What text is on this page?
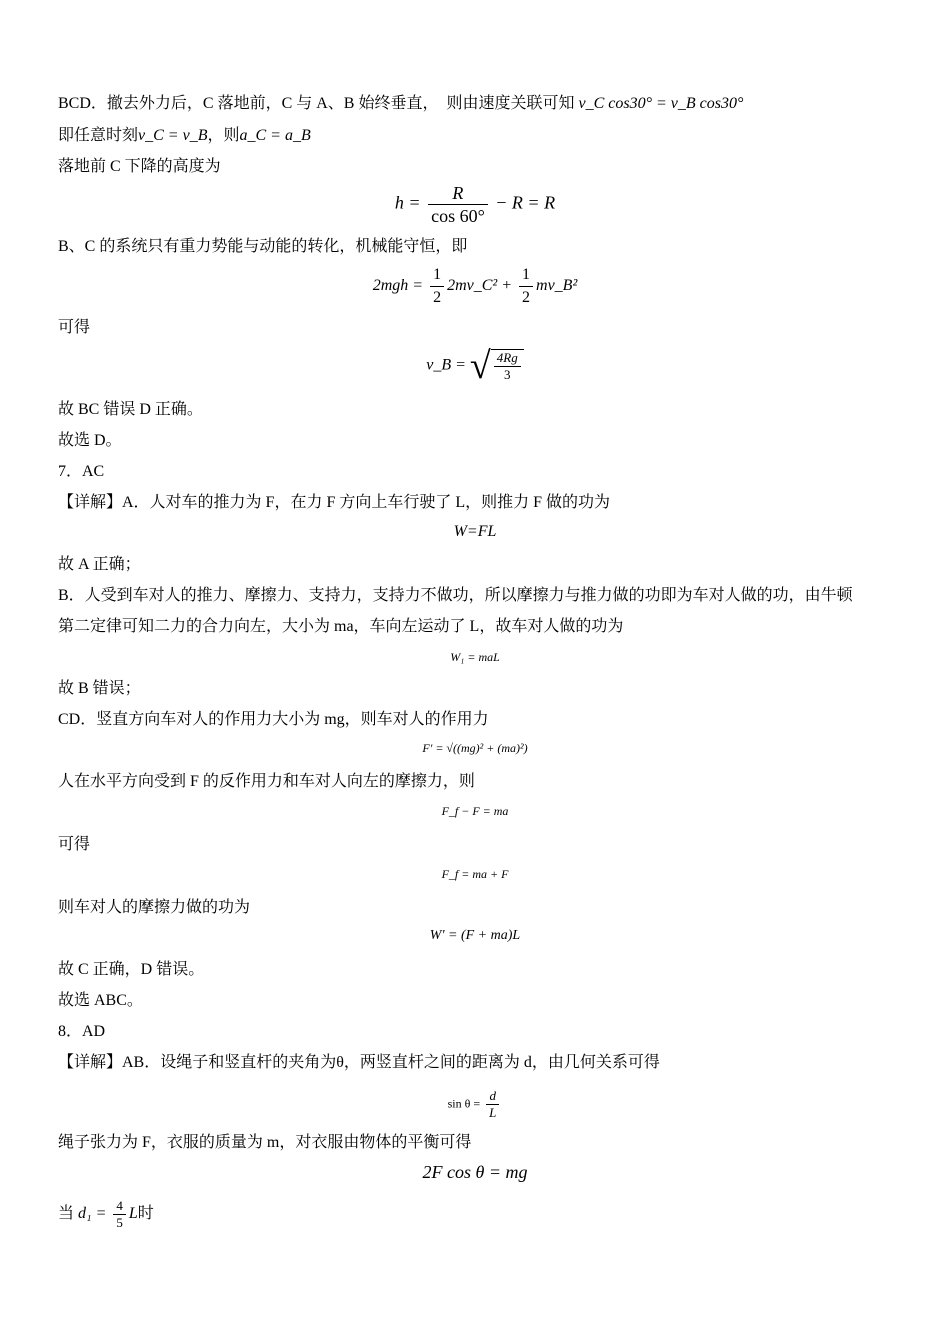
BCD．撤去外力后，C 落地前，C 与 A、B 始终垂直，　则由速度关联可知 v_C cos30° = v_B cos30°
即任意时刻v_C = v_B，则a_C = a_B
落地前 C 下降的高度为
$h = \frac{R}{\cos 60^\circ} - R = R$
B、C 的系统只有重力势能与动能的转化，机械能守恒，即
$2mgh = \frac{1}{2}$ 2mv_C² + $\frac{1}{2}$ mv_B²
可得
v_B = √ $\frac{4Rg}{3}$
故 BC 错误 D 正确。
故选 D。
7．AC
【详解】A．人对车的推力为 F，在力 F 方向上车行驶了 L，则推力 F 做的功为
W=FL
故 A 正确；
B．人受到车对人的推力、摩擦力、支持力，支持力不做功，所以摩擦力与推力做的功即为车对人做的功，由牛顿
第二定律可知二力的合力向左，大小为 ma，车向左运动了 L，故车对人做的功为
W₁ = maL
故 B 错误；
CD．竖直方向车对人的作用力大小为 mg，则车对人的作用力
F′ = √((mg)² + (ma)²)
人在水平方向受到 F 的反作用力和车对人向左的摩擦力，则
F_f − F = ma
可得
F_f = ma + F
则车对人的摩擦力做的功为
W′ = (F + ma)L
故 C 正确，D 错误。
故选 ABC。
8．AD
【详解】AB．设绳子和竖直杆的夹角为θ，两竖直杆之间的距离为 d，由几何关系可得
$\sin \theta = \frac{d}{L}$
绳子张力为 F，衣服的质量为 m，对衣服由物体的平衡可得
2F cos θ = mg
当 $d_1 = \frac{4}{5}$ L时
